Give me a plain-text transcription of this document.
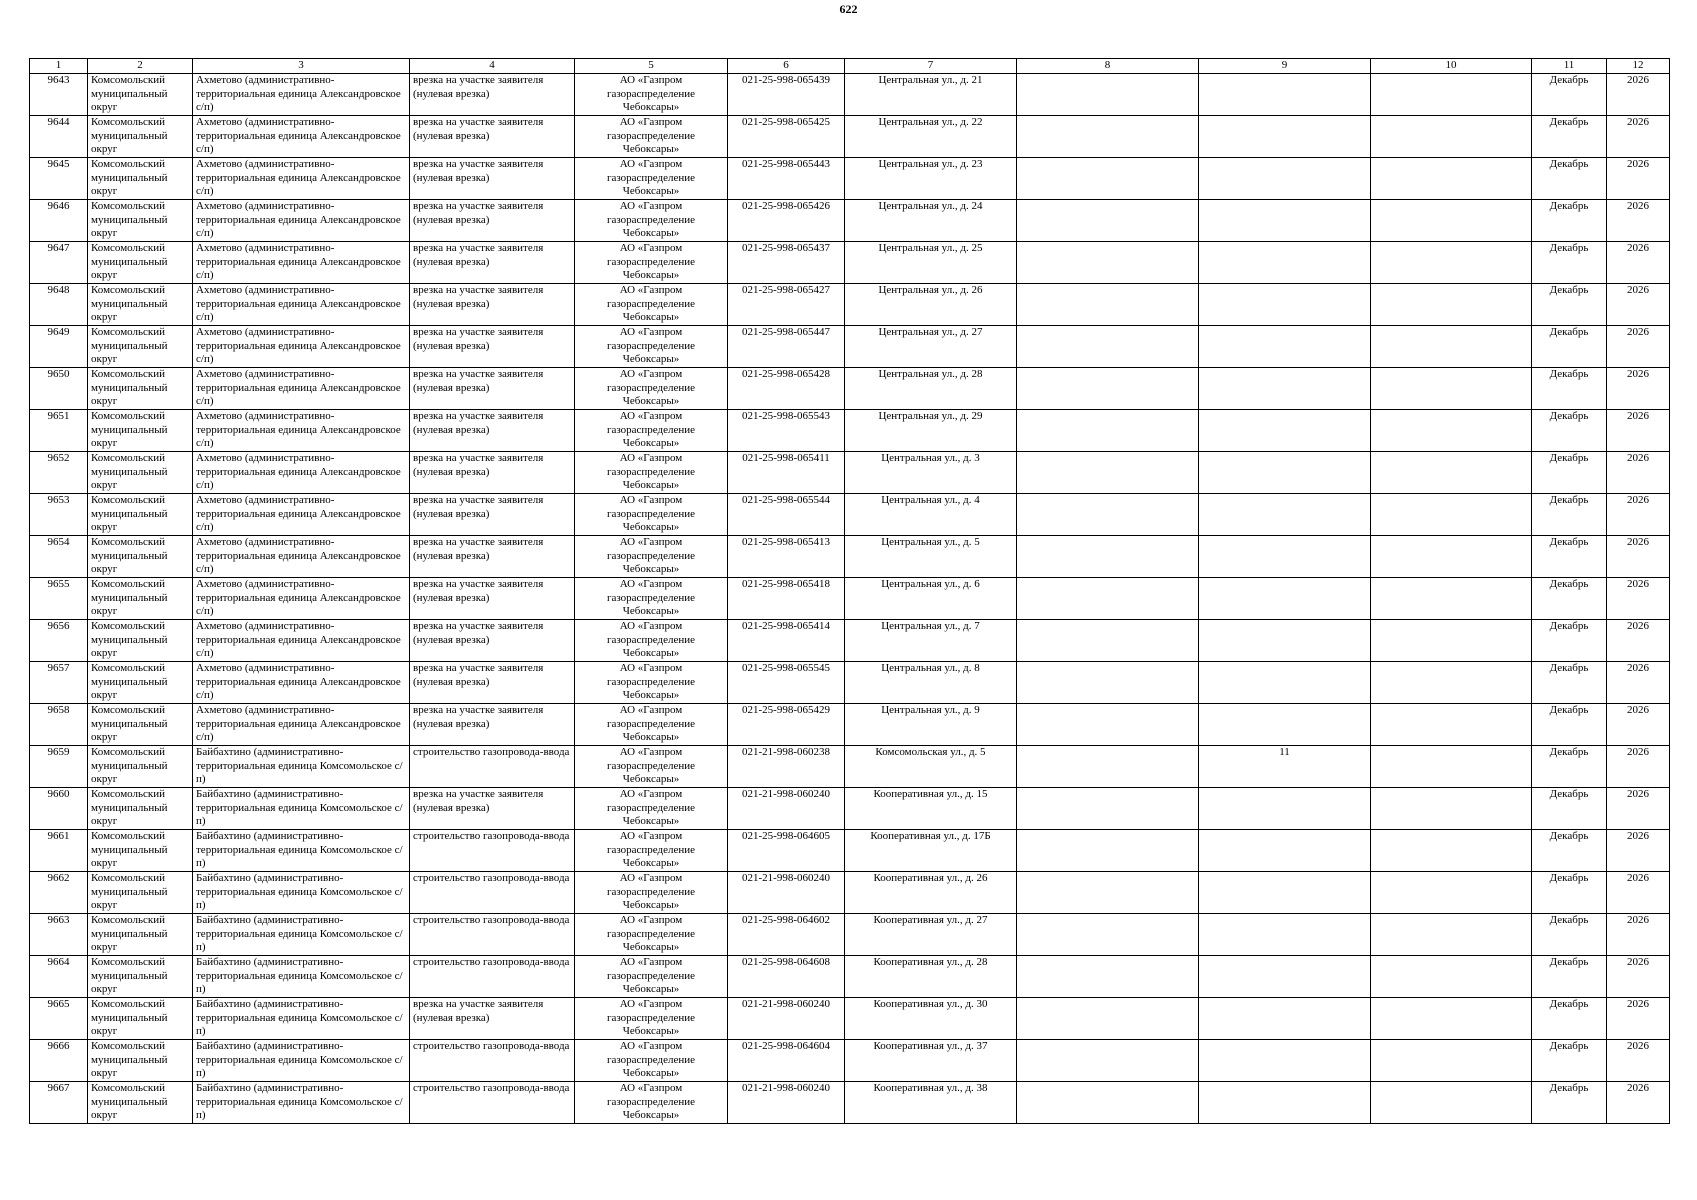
622
1	2	3	4	5	6	7	8	9	10	11	12

9643	Комсомольский муниципальный округ	Ахметово (административно-территориальная единица Александровское с/п)	врезка на участке заявителя (нулевая врезка)	АО «Газпром газораспределение Чебоксары»	021-25-998-065439	Центральная ул., д. 21				Декабрь	2026

9644	Комсомольский муниципальный округ	Ахметово (административно-территориальная единица Александровское с/п)	врезка на участке заявителя (нулевая врезка)	АО «Газпром газораспределение Чебоксары»	021-25-998-065425	Центральная ул., д. 22				Декабрь	2026

9645	Комсомольский муниципальный округ	Ахметово (административно-территориальная единица Александровское с/п)	врезка на участке заявителя (нулевая врезка)	АО «Газпром газораспределение Чебоксары»	021-25-998-065443	Центральная ул., д. 23				Декабрь	2026

9646	Комсомольский муниципальный округ	Ахметово (административно-территориальная единица Александровское с/п)	врезка на участке заявителя (нулевая врезка)	АО «Газпром газораспределение Чебоксары»	021-25-998-065426	Центральная ул., д. 24				Декабрь	2026

9647	Комсомольский муниципальный округ	Ахметово (административно-территориальная единица Александровское с/п)	врезка на участке заявителя (нулевая врезка)	АО «Газпром газораспределение Чебоксары»	021-25-998-065437	Центральная ул., д. 25				Декабрь	2026

9648	Комсомольский муниципальный округ	Ахметово (административно-территориальная единица Александровское с/п)	врезка на участке заявителя (нулевая врезка)	АО «Газпром газораспределение Чебоксары»	021-25-998-065427	Центральная ул., д. 26				Декабрь	2026

9649	Комсомольский муниципальный округ	Ахметово (административно-территориальная единица Александровское с/п)	врезка на участке заявителя (нулевая врезка)	АО «Газпром газораспределение Чебоксары»	021-25-998-065447	Центральная ул., д. 27				Декабрь	2026

9650	Комсомольский муниципальный округ	Ахметово (административно-территориальная единица Александровское с/п)	врезка на участке заявителя (нулевая врезка)	АО «Газпром газораспределение Чебоксары»	021-25-998-065428	Центральная ул., д. 28				Декабрь	2026

9651	Комсомольский муниципальный округ	Ахметово (административно-территориальная единица Александровское с/п)	врезка на участке заявителя (нулевая врезка)	АО «Газпром газораспределение Чебоксары»	021-25-998-065543	Центральная ул., д. 29				Декабрь	2026

9652	Комсомольский муниципальный округ	Ахметово (административно-территориальная единица Александровское с/п)	врезка на участке заявителя (нулевая врезка)	АО «Газпром газораспределение Чебоксары»	021-25-998-065411	Центральная ул., д. 3				Декабрь	2026

9653	Комсомольский муниципальный округ	Ахметово (административно-территориальная единица Александровское с/п)	врезка на участке заявителя (нулевая врезка)	АО «Газпром газораспределение Чебоксары»	021-25-998-065544	Центральная ул., д. 4				Декабрь	2026

9654	Комсомольский муниципальный округ	Ахметово (административно-территориальная единица Александровское с/п)	врезка на участке заявителя (нулевая врезка)	АО «Газпром газораспределение Чебоксары»	021-25-998-065413	Центральная ул., д. 5				Декабрь	2026

9655	Комсомольский муниципальный округ	Ахметово (административно-территориальная единица Александровское с/п)	врезка на участке заявителя (нулевая врезка)	АО «Газпром газораспределение Чебоксары»	021-25-998-065418	Центральная ул., д. 6				Декабрь	2026

9656	Комсомольский муниципальный округ	Ахметово (административно-территориальная единица Александровское с/п)	врезка на участке заявителя (нулевая врезка)	АО «Газпром газораспределение Чебоксары»	021-25-998-065414	Центральная ул., д. 7				Декабрь	2026

9657	Комсомольский муниципальный округ	Ахметово (административно-территориальная единица Александровское с/п)	врезка на участке заявителя (нулевая врезка)	АО «Газпром газораспределение Чебоксары»	021-25-998-065545	Центральная ул., д. 8				Декабрь	2026

9658	Комсомольский муниципальный округ	Ахметово (административно-территориальная единица Александровское с/п)	врезка на участке заявителя (нулевая врезка)	АО «Газпром газораспределение Чебоксары»	021-25-998-065429	Центральная ул., д. 9				Декабрь	2026

9659	Комсомольский муниципальный округ	Байбахтино (административно-территориальная единица Комсомольское с/п)	строительство газопровода-ввода	АО «Газпром газораспределение Чебоксары»	021-21-998-060238	Комсомольская ул., д. 5		11		Декабрь	2026

9660	Комсомольский муниципальный округ	Байбахтино (административно-территориальная единица Комсомольское с/п)	врезка на участке заявителя (нулевая врезка)	АО «Газпром газораспределение Чебоксары»	021-21-998-060240	Кооперативная ул., д. 15				Декабрь	2026

9661	Комсомольский муниципальный округ	Байбахтино (административно-территориальная единица Комсомольское с/п)	строительство газопровода-ввода	АО «Газпром газораспределение Чебоксары»	021-25-998-064605	Кооперативная ул., д. 17Б				Декабрь	2026

9662	Комсомольский муниципальный округ	Байбахтино (административно-территориальная единица Комсомольское с/п)	строительство газопровода-ввода	АО «Газпром газораспределение Чебоксары»	021-21-998-060240	Кооперативная ул., д. 26				Декабрь	2026

9663	Комсомольский муниципальный округ	Байбахтино (административно-территориальная единица Комсомольское с/п)	строительство газопровода-ввода	АО «Газпром газораспределение Чебоксары»	021-25-998-064602	Кооперативная ул., д. 27				Декабрь	2026

9664	Комсомольский муниципальный округ	Байбахтино (административно-территориальная единица Комсомольское с/п)	строительство газопровода-ввода	АО «Газпром газораспределение Чебоксары»	021-25-998-064608	Кооперативная ул., д. 28				Декабрь	2026

9665	Комсомольский муниципальный округ	Байбахтино (административно-территориальная единица Комсомольское с/п)	врезка на участке заявителя (нулевая врезка)	АО «Газпром газораспределение Чебоксары»	021-21-998-060240	Кооперативная ул., д. 30				Декабрь	2026

9666	Комсомольский муниципальный округ	Байбахтино (административно-территориальная единица Комсомольское с/п)	строительство газопровода-ввода	АО «Газпром газораспределение Чебоксары»	021-25-998-064604	Кооперативная ул., д. 37				Декабрь	2026

9667	Комсомольский муниципальный округ	Байбахтино (административно-территориальная единица Комсомольское с/п)	строительство газопровода-ввода	АО «Газпром газораспределение Чебоксары»	021-21-998-060240	Кооперативная ул., д. 38				Декабрь	2026
